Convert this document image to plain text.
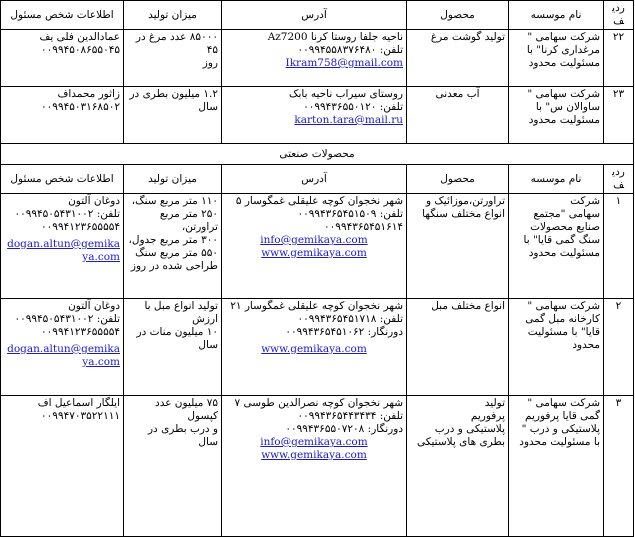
ردیف	نام موسسه	محصول	آدرس	میزان تولید	اطلاعات شخص مسئول
۲۲	شرکت سهامی "
مرغداری کرنا" با
مسئولیت محدود	تولید گوشت مرغ	ناحیه جلفا روستا کرنا Az7200
تلفن: ۰۰۹۹۴۵۵۸۳۷۶۴۸۰
Ikram758@gmail.com	۸۵۰۰۰ عدد مرغ در ۴۵
روز	عمادالدین فلی یف
۰۰۹۹۴۵۰۸۶۵۵۰۴۵

۲۳	شرکت سهامی "
ساوالان س" با
مسئولیت محدود	آب معدنی	روستای سیراب ناحیه بابک
تلفن: ۰۰۹۹۴۳۶۵۵۰۱۲۰
karton.tara@mail.ru	۱.۲ میلیون بطری در
سال	زاثور محمداف
۰۰۹۹۴۵۰۳۱۶۸۵۰۲

محصولات صنعتی					
ردیف	نام موسسه	محصول	آدرس	میزان تولید	اطلاعات شخص مسئول
۱	شرکت
سهامی "مجتمع
صنایع محصولات
سنگ گمی قایا" با
مسئولیت محدود	تراورتن،موزائیک و
انواع مختلف سنگها	شهر نخجوان کوچه علیقلی غمگوسار ۵
تلفن: ۰۰۹۹۴۳۶۵۴۵۱۵۰۹
۰۰۹۹۴۳۶۵۴۵۱۶۱۴
info@gemikaya.com
www.gemikaya.com	۱۱۰ متر مربع سنگ،
۲۵۰ متر مربع تراورتن،
۳۰۰ متر مربع جدول،
۵۵۰ متر مربع سنگ
طراحی شده در روز	دوغان آلتون
تلفن: ۰۰۹۹۴۵۰۵۴۳۱۰۰۲
۰۰۹۹۴۱۲۳۶۵۵۵۵۴
dogan.altun@gemikaya.com

۲	شرکت سهامی "
کارخانه مبل گمی
قایا" با مسئولیت
محدود	انواع مختلف مبل	شهر نخجوان کوچه علیقلی غمگوسار ۲۱
تلفن: ۰۰۹۹۴۳۶۵۴۵۱۷۱۸
دورنگار: ۰۰۹۹۴۳۶۵۴۵۱۰۶۲
www.gemikaya.com	تولید انواع مبل با ارزش
۱۰ میلیون منات در سال	دوغان آلتون
تلفن: ۰۰۹۹۴۵۰۵۴۳۱۰۰۲
۰۰۹۹۴۱۲۳۶۵۵۵۵۴
dogan.altun@gemikaya.com

۳	شرکت سهامی "
گمی قایا پرفوریم
پلاستیکی و درب "
با مسئولیت محدود	تولید
پرفوریم
پلاستیکی و درب
بطری های پلاستیکی	شهر نخجوان کوچه نصرالدین طوسی ۷
تلفن: ۰۰۹۹۴۳۶۵۴۴۳۴۳۴
دورنگار: ۰۰۹۹۴۳۶۵۵۰۷۲۰۸
info@gemikaya.com
www.gemikaya.com	۷۵ میلیون عدد کپسول
و درب بطری در سال	ایلگار اسماعیل اف
۰۰۹۹۴۷۰۳۵۲۲۱۱۱
